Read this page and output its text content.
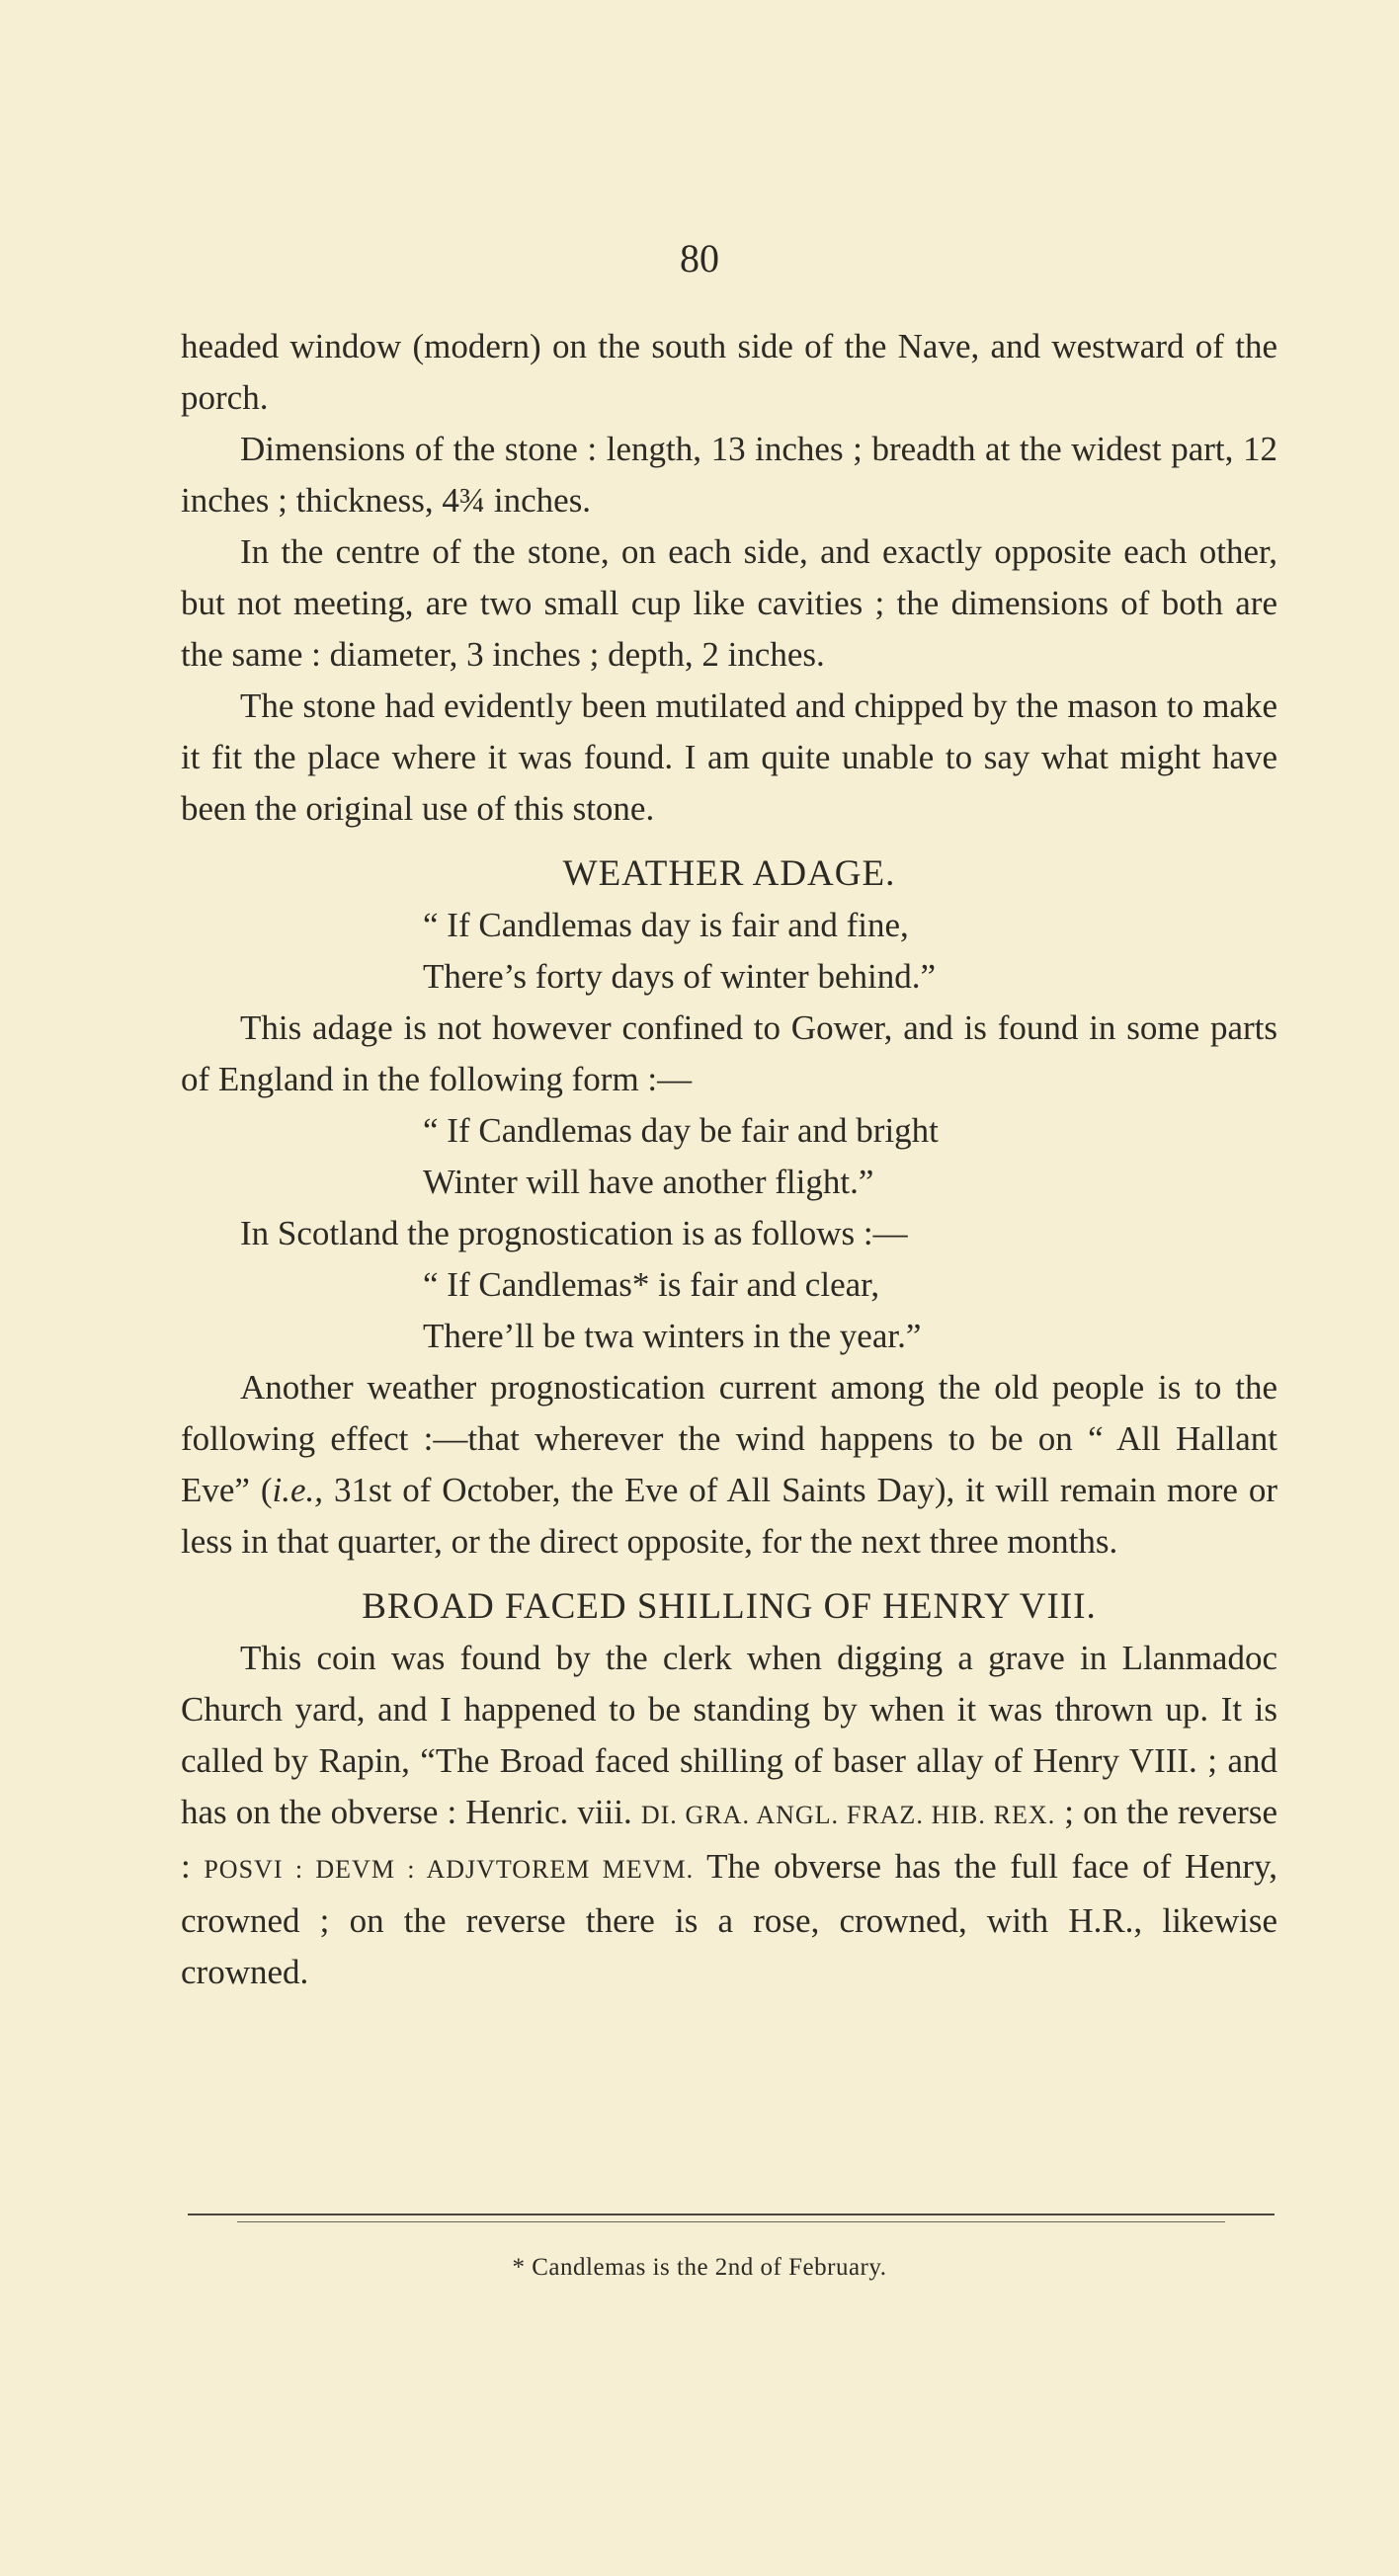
80

headed window (modern) on the south side of the Nave, and westward of the porch.

Dimensions of the stone : length, 13 inches ; breadth at the widest part, 12 inches ; thickness, 4¾ inches.

In the centre of the stone, on each side, and exactly opposite each other, but not meeting, are two small cup like cavities ; the dimensions of both are the same : diameter, 3 inches ; depth, 2 inches.

The stone had evidently been mutilated and chipped by the mason to make it fit the place where it was found. I am quite unable to say what might have been the original use of this stone.

WEATHER ADAGE.
“ If Candlemas day is fair and fine,
There’s forty days of winter behind.”

This adage is not however confined to Gower, and is found in some parts of England in the following form :—

“ If Candlemas day be fair and bright
Winter will have another flight.”

In Scotland the prognostication is as follows :—

“ If Candlemas* is fair and clear,
There’ll be twa winters in the year.”

Another weather prognostication current among the old people is to the following effect :—that wherever the wind happens to be on “ All Hallant Eve” (i.e., 31st of October, the Eve of All Saints Day), it will remain more or less in that quarter, or the direct opposite, for the next three months.

BROAD FACED SHILLING OF HENRY VIII.

This coin was found by the clerk when digging a grave in Llanmadoc Church yard, and I happened to be standing by when it was thrown up. It is called by Rapin, “The Broad faced shilling of baser allay of Henry VIII. ; and has on the obverse : Henric. viii. DI. GRA. ANGL. FRAZ. HIB. REX. ; on the reverse : POSVI : DEVM : ADJVTOREM MEVM. The obverse has the full face of Henry, crowned ; on the reverse there is a rose, crowned, with H.R., likewise crowned.

* Candlemas is the 2nd of February.
